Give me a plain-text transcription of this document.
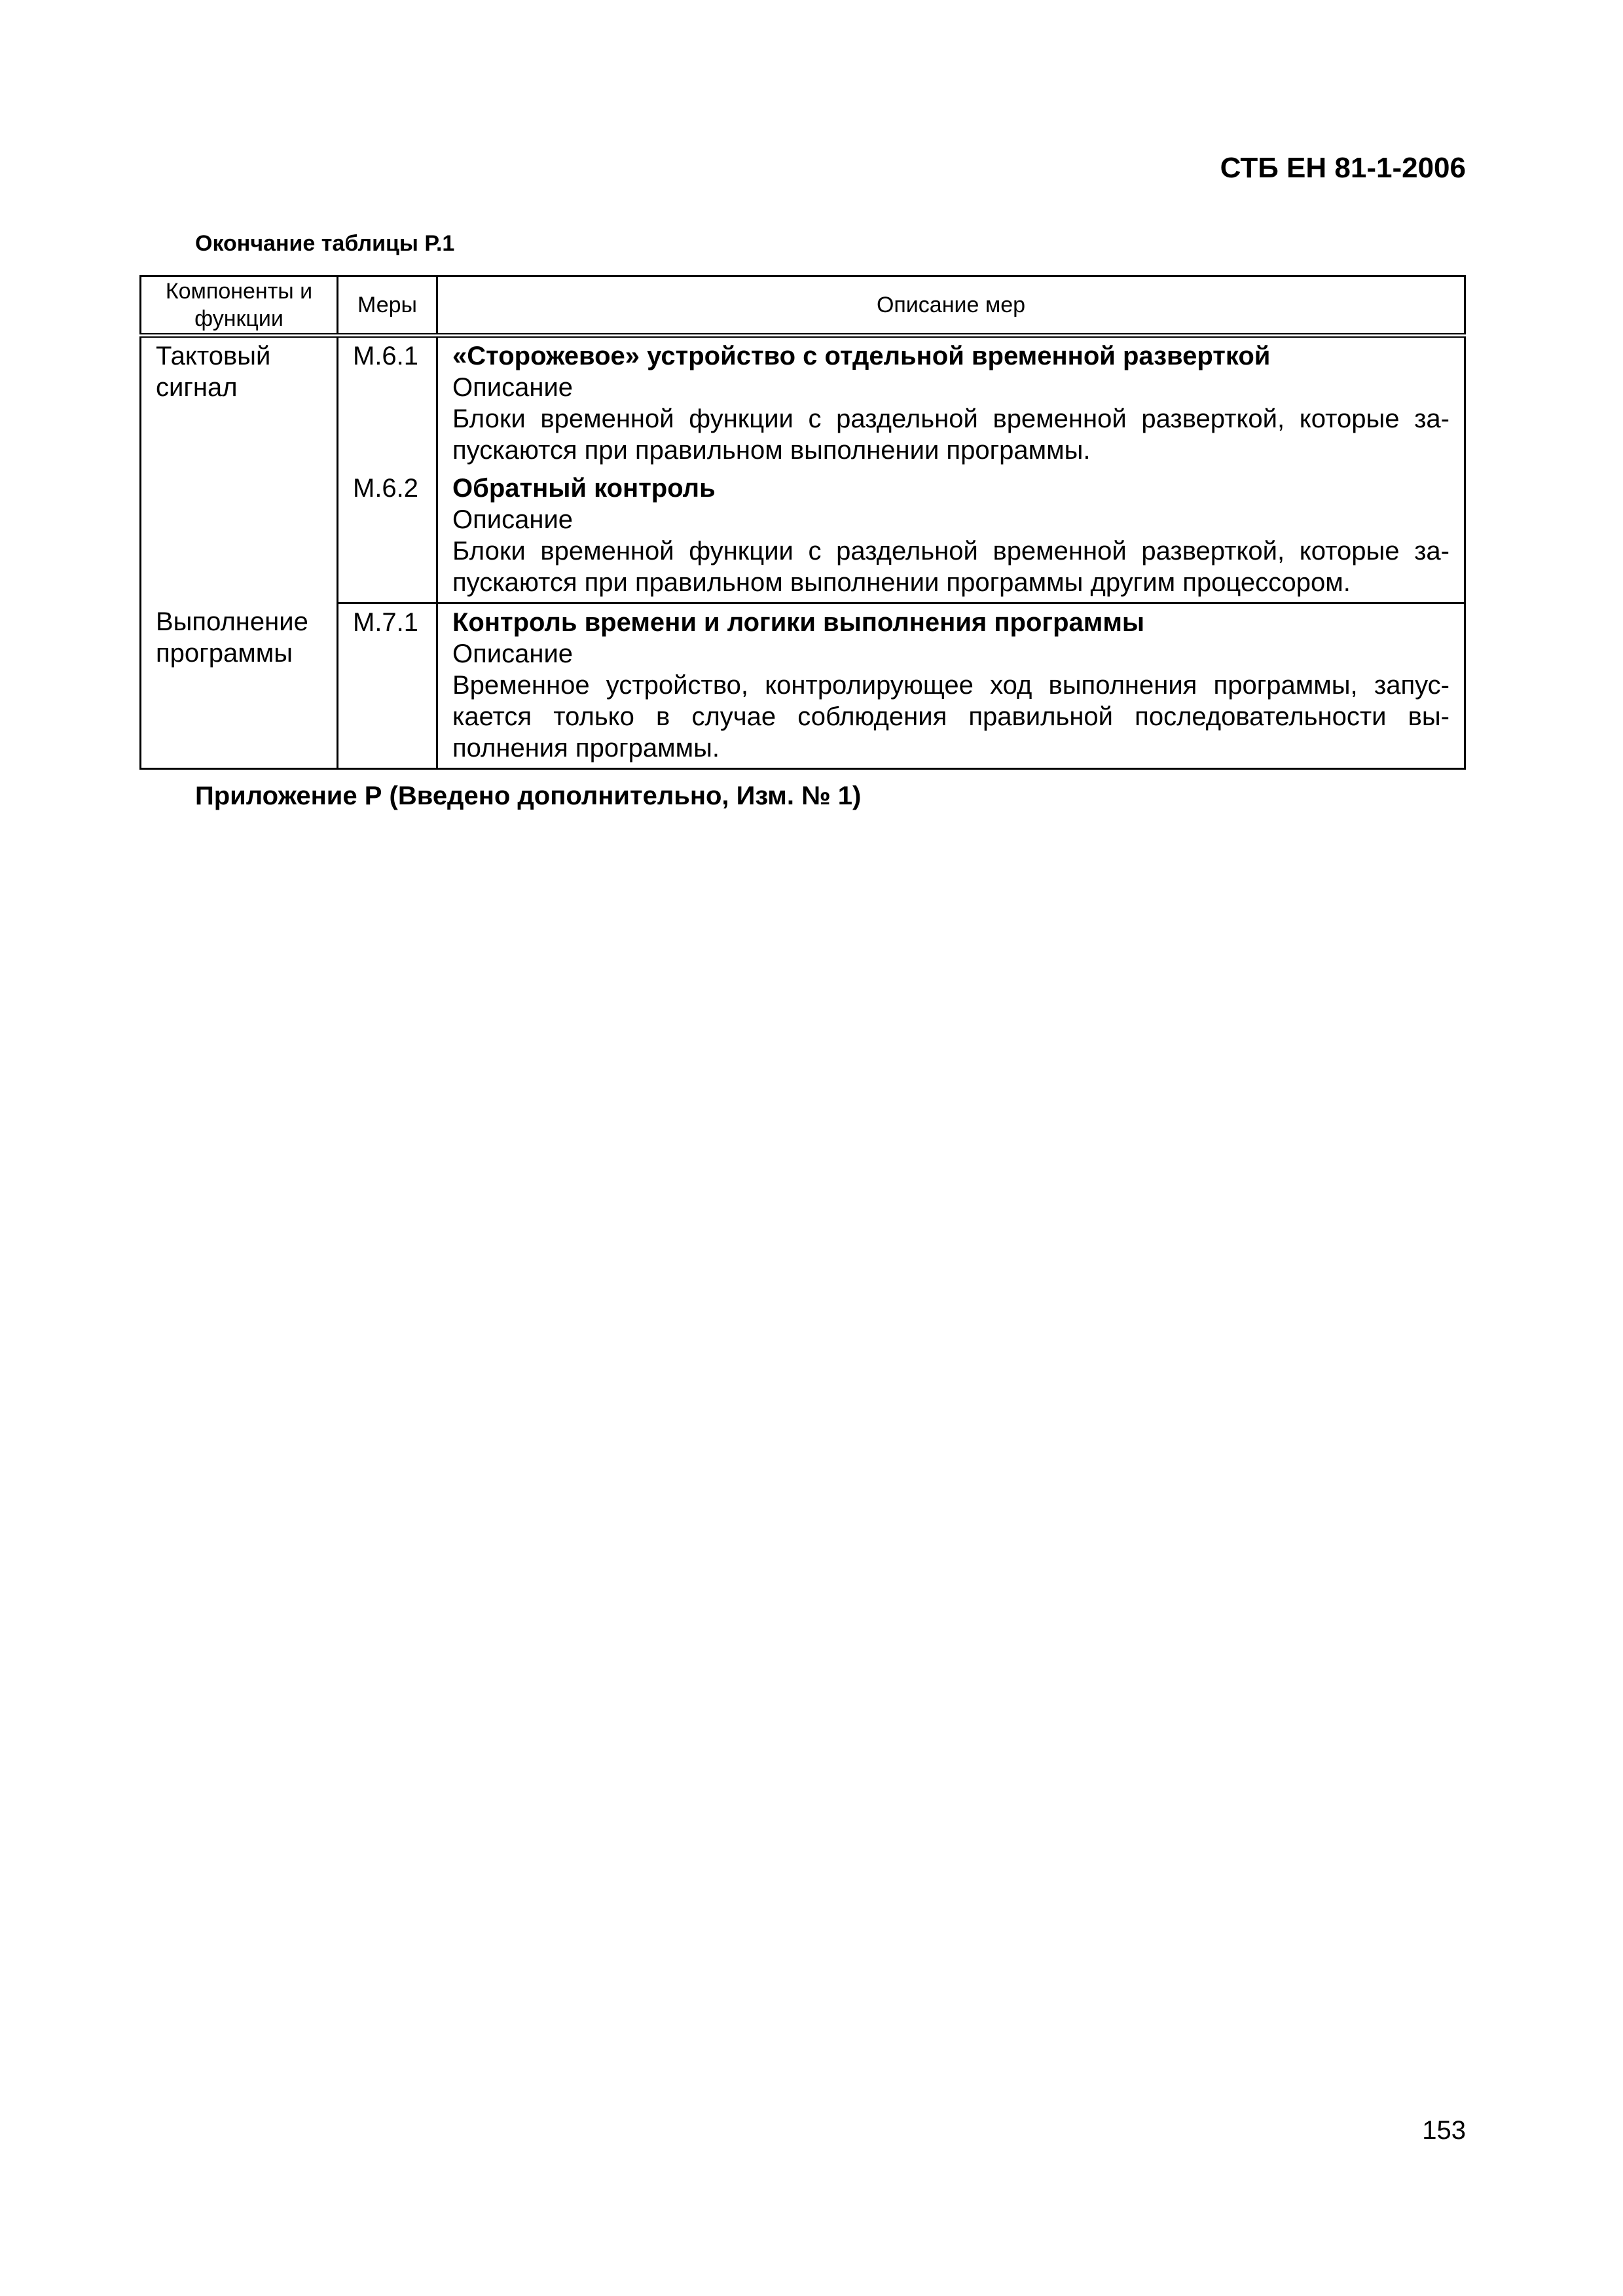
СТБ ЕН 81-1-2006
Окончание таблицы Р.1
Компоненты и функции	Меры	Описание мер
Тактовый сигнал	М.6.1	«Сторожевое» устройство с отдельной временной разверткой
Описание
Блоки временной функции с раздельной временной разверткой, которые запускаются при правильном выполнении программы.

	М.6.2	Обратный контроль
Описание
Блоки временной функции с раздельной временной разверткой, которые запускаются при правильном выполнении программы другим процессором.

Выполнение программы	М.7.1	Контроль времени и логики выполнения программы
Описание
Временное устройство, контролирующее ход выполнения программы, запускается только в случае соблюдения правильной последовательности выполнения программы.
Приложение Р (Введено дополнительно, Изм. № 1)
153
